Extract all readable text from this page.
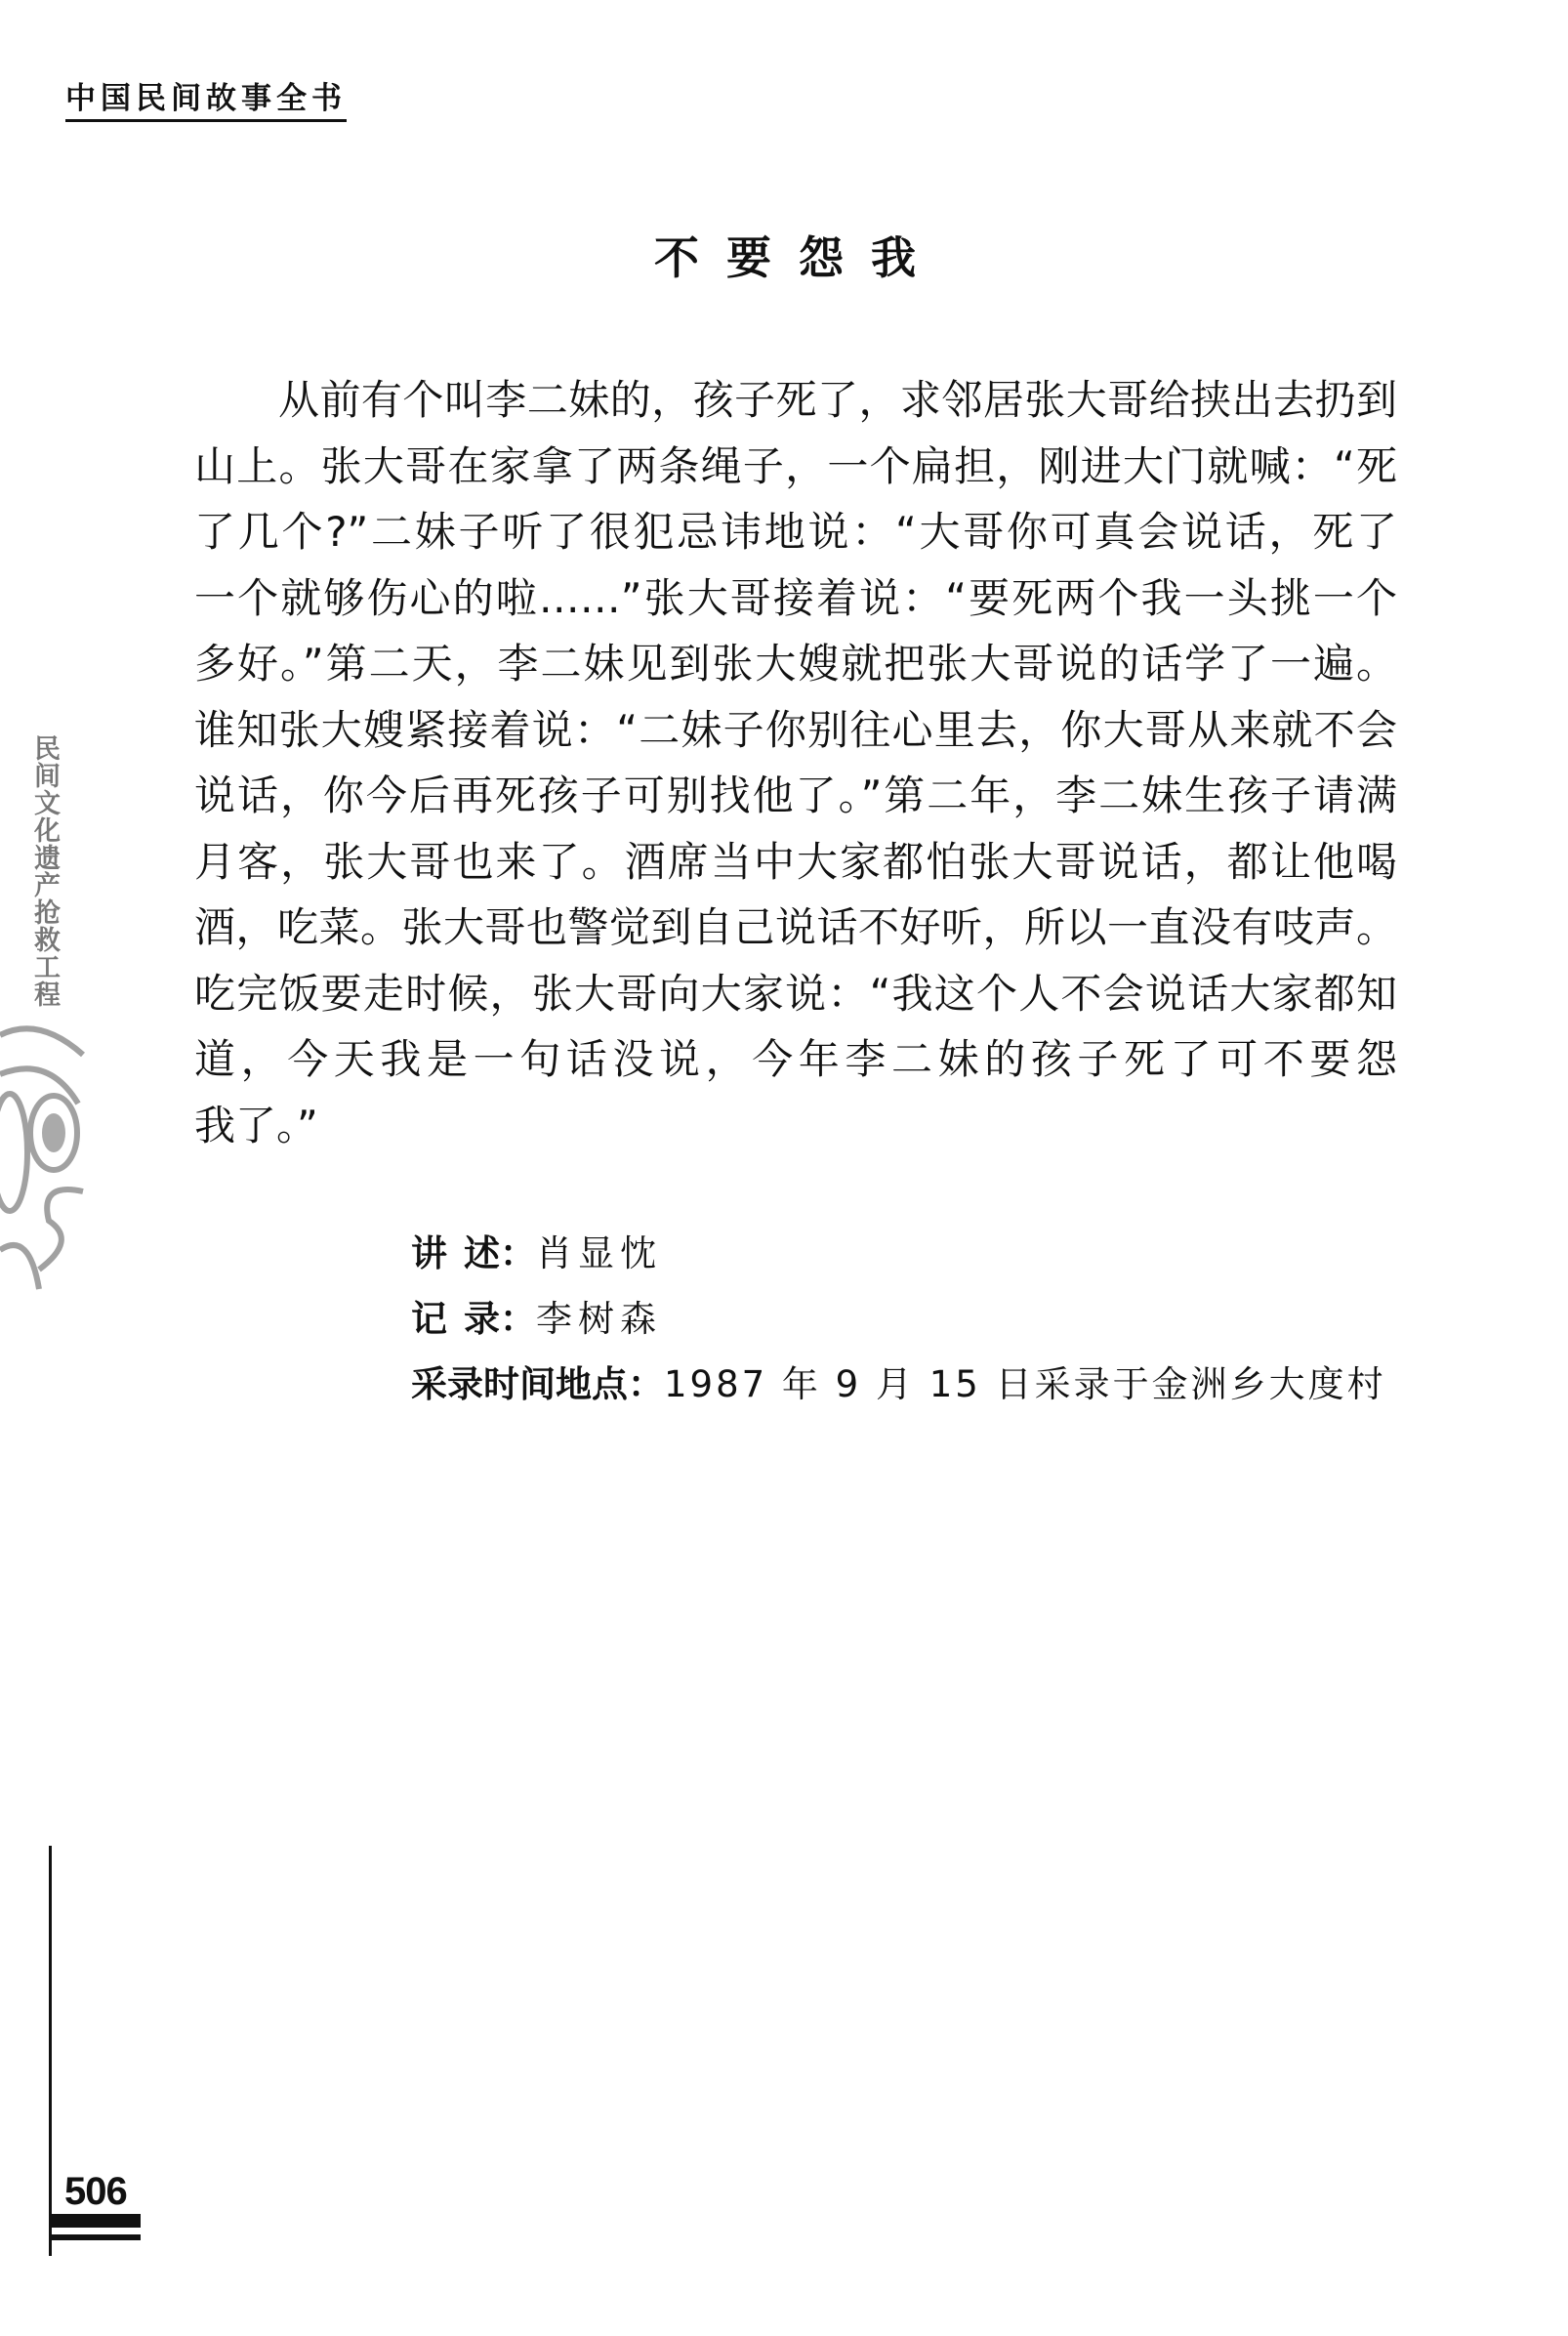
中国民间故事全书
不要怨我
从前有个叫李二妹的，孩子死了，求邻居张大哥给挟出去扔到
山上。张大哥在家拿了两条绳子，一个扁担，刚进大门就喊：“死
了几个?”二妹子听了很犯忌讳地说：“大哥你可真会说话，死了
一个就够伤心的啦……”张大哥接着说：“要死两个我一头挑一个
多好。”第二天，李二妹见到张大嫂就把张大哥说的话学了一遍。
谁知张大嫂紧接着说：“二妹子你别往心里去，你大哥从来就不会
说话，你今后再死孩子可别找他了。”第二年，李二妹生孩子请满
月客，张大哥也来了。酒席当中大家都怕张大哥说话，都让他喝
酒，吃菜。张大哥也警觉到自己说话不好听，所以一直没有吱声。
吃完饭要走时候，张大哥向大家说：“我这个人不会说话大家都知
道，今天我是一句话没说，今年李二妹的孩子死了可不要怨
我了。”
讲 述： 肖显忱
记 录： 李树森
采录时间地点： 1987 年 9 月 15 日采录于金洲乡大度村
民间文化遗产抢救工程
506
